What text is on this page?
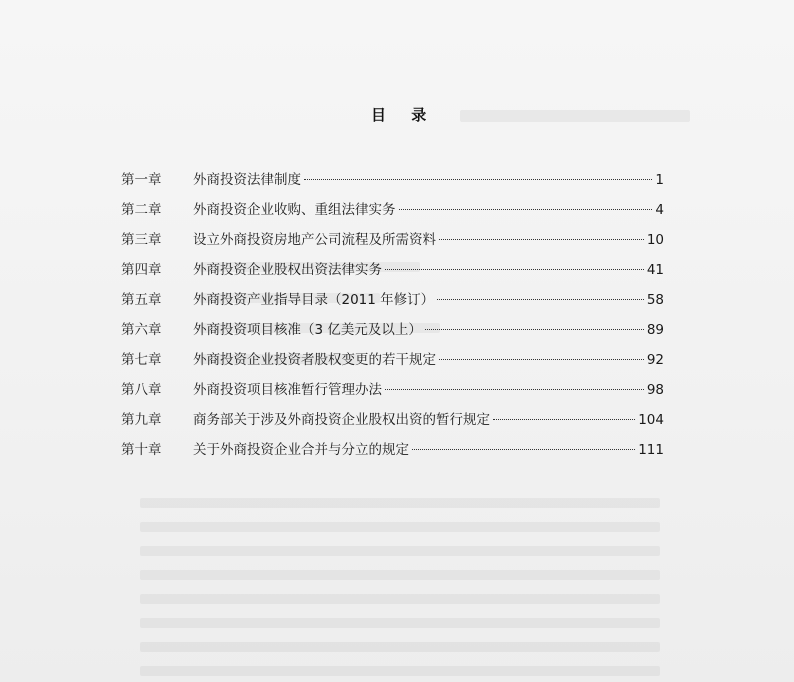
目 录
第一章	外商投资法律制度	1
第二章	外商投资企业收购、重组法律实务	4
第三章	设立外商投资房地产公司流程及所需资料	10
第四章	外商投资企业股权出资法律实务	41
第五章	外商投资产业指导目录（2011 年修订）	58
第六章	外商投资项目核准（3 亿美元及以上）	89
第七章	外商投资企业投资者股权变更的若干规定	92
第八章	外商投资项目核准暂行管理办法	98
第九章	商务部关于涉及外商投资企业股权出资的暂行规定	104
第十章	关于外商投资企业合并与分立的规定	111
